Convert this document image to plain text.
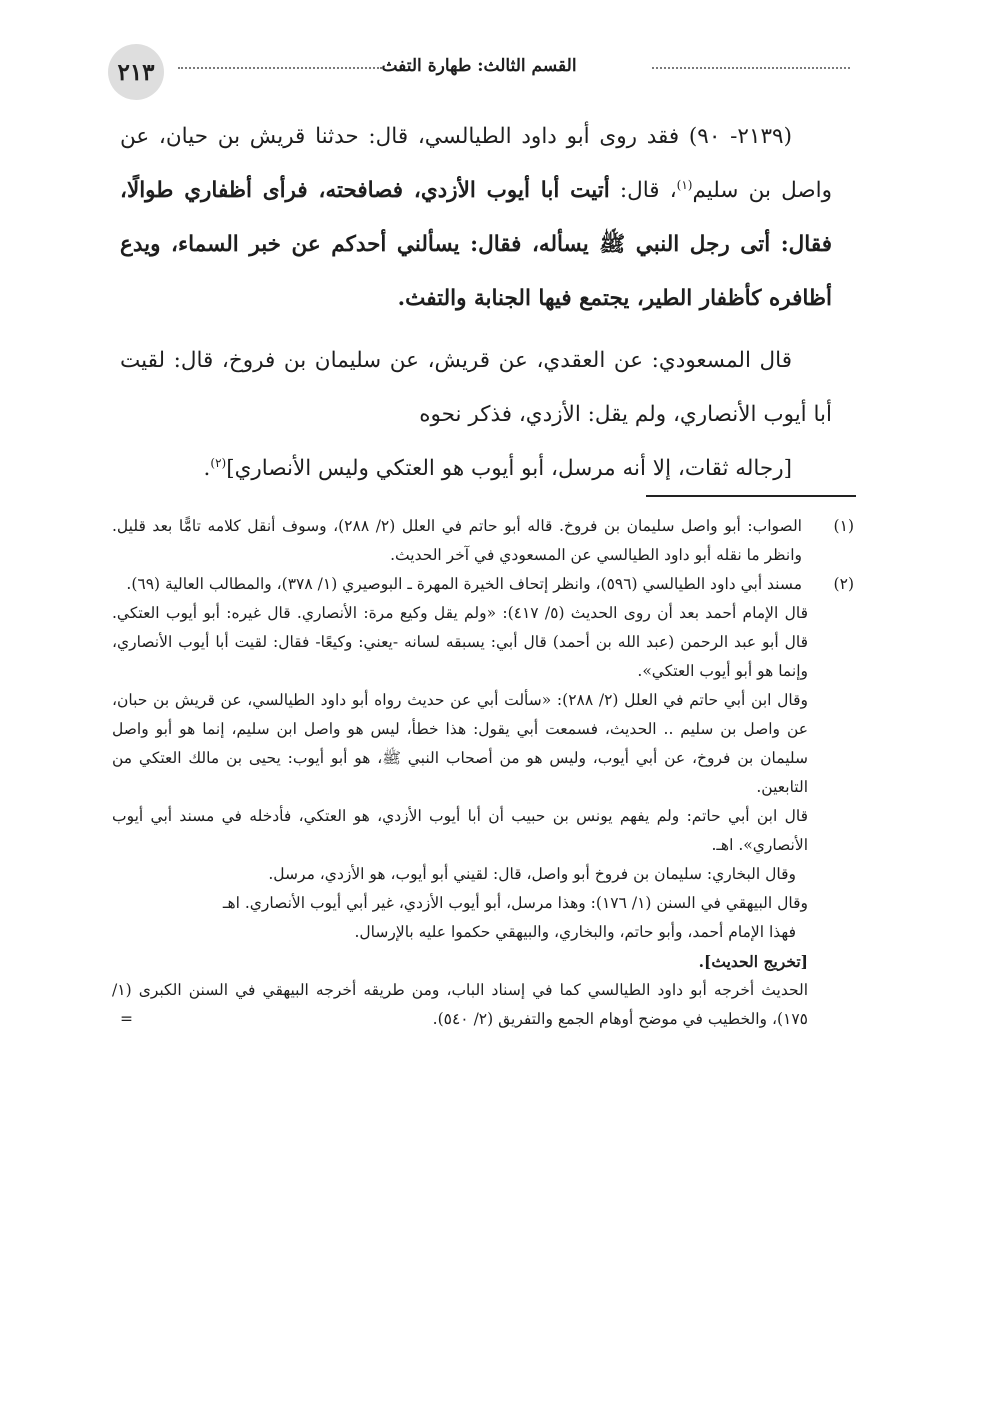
القسم الثالث: طهارة التفث
٢١٣

(٢١٣٩- ٩٠) فقد روى أبو داود الطيالسي، قال: حدثنا قريش بن حيان، عن واصل بن سليم$^{(١)}$، قال: أتيت أبا أيوب الأزدي، فصافحته، فرأى أظفاري طوالًا، فقال: أتى رجل النبي ﷺ يسأله، فقال: يسألني أحدكم عن خبر السماء، ويدع أظافره كأظفار الطير، يجتمع فيها الجنابة والتفث.

قال المسعودي: عن العقدي، عن قريش، عن سليمان بن فروخ، قال: لقيت أبا أيوب الأنصاري، ولم يقل: الأزدي، فذكر نحوه

[رجاله ثقات، إلا أنه مرسل، أبو أيوب هو العتكي وليس الأنصاري]$^{(٢)}$.

(١)
الصواب: أبو واصل سليمان بن فروخ. قاله أبو حاتم في العلل (٢/ ٢٨٨)، وسوف أنقل كلامه تامًّا بعد قليل. وانظر ما نقله أبو داود الطيالسي عن المسعودي في آخر الحديث.
(٢)
مسند أبي داود الطيالسي (٥٩٦)، وانظر إتحاف الخيرة المهرة ـ البوصيري (١/ ٣٧٨)، والمطالب العالية (٦٩).

قال الإمام أحمد بعد أن روى الحديث (٥/ ٤١٧): «ولم يقل وكيع مرة: الأنصاري. قال غيره: أبو أيوب العتكي. قال أبو عبد الرحمن (عبد الله بن أحمد) قال أبي: يسبقه لسانه -يعني: وكيعًا- فقال: لقيت أبا أيوب الأنصاري، وإنما هو أبو أيوب العتكي».

وقال ابن أبي حاتم في العلل (٢/ ٢٨٨): «سألت أبي عن حديث رواه أبو داود الطيالسي، عن قريش بن حبان، عن واصل بن سليم .. الحديث، فسمعت أبي يقول: هذا خطأ، ليس هو واصل ابن سليم، إنما هو أبو واصل سليمان بن فروخ، عن أبي أيوب، وليس هو من أصحاب النبي ﷺ، هو أبو أيوب: يحيى بن مالك العتكي من التابعين.

قال ابن أبي حاتم: ولم يفهم يونس بن حبيب أن أبا أيوب الأزدي، هو العتكي، فأدخله في مسند أبي أيوب الأنصاري». اهـ.

وقال البخاري: سليمان بن فروخ أبو واصل، قال: لقيني أبو أيوب، هو الأزدي، مرسل.

وقال البيهقي في السنن (١/ ١٧٦): وهذا مرسل، أبو أيوب الأزدي، غير أبي أيوب الأنصاري. اهـ

فهذا الإمام أحمد، وأبو حاتم، والبخاري، والبيهقي حكموا عليه بالإرسال.

[تخريج الحديث].

الحديث أخرجه أبو داود الطيالسي كما في إسناد الباب، ومن طريقه أخرجه البيهقي في السنن الكبرى (١/ ١٧٥)، والخطيب في موضح أوهام الجمع والتفريق (٢/ ٥٤٠).
=
